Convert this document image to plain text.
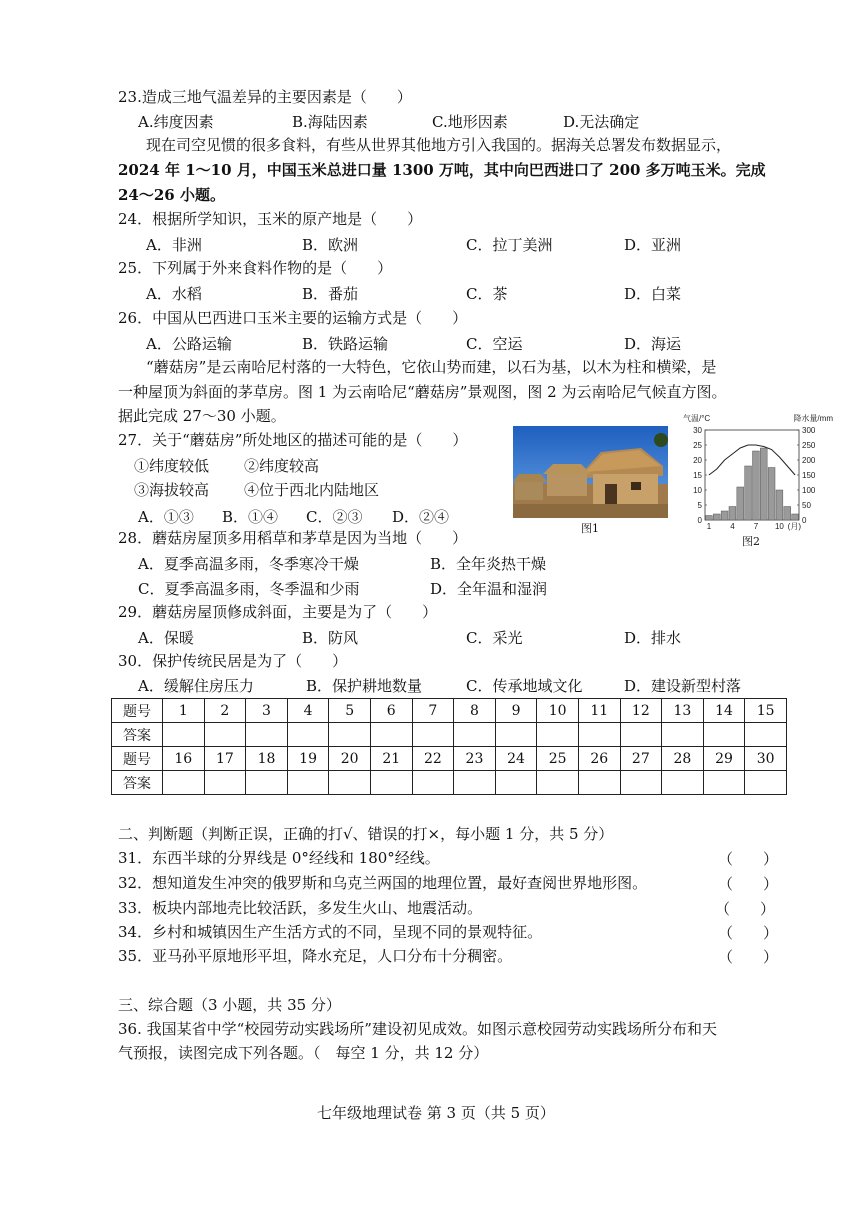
23.造成三地气温差异的主要因素是（　　）
A.纬度因素	B.海陆因素	C.地形因素	D.无法确定
现在司空见惯的很多食料，有些从世界其他地方引入我国的。据海关总署发布数据显示，
2024 年 1～10 月，中国玉米总进口量 1300 万吨，其中向巴西进口了 200 多万吨玉米。完成
24～26 小题。
24．根据所学知识，玉米的原产地是（　　）
A．非洲	B．欧洲	C．拉丁美洲	D．亚洲
25．下列属于外来食料作物的是（　　）
A．水稻	B．番茄	C．茶	D．白菜
26．中国从巴西进口玉米主要的运输方式是（　　）
A．公路运输	B．铁路运输	C．空运	D．海运
“蘑菇房”是云南哈尼村落的一大特色，它依山势而建，以石为基，以木为柱和横梁，是
一种屋顶为斜面的茅草房。图 1 为云南哈尼“蘑菇房”景观图，图 2 为云南哈尼气候直方图。
据此完成 27～30 小题。
27．关于“蘑菇房”所处地区的描述可能的是（　　）
①纬度较低 ②纬度较高
③海拔较高 ④位于西北内陆地区
A．①③ B．①④ C．②③ D．②④
图1
气温/°C	降水量/mm
0
5
10
15
20
25
30
0
50
100
150
200
250
300
1 4 7 10 (月)
图2
28．蘑菇房屋顶多用稻草和茅草是因为当地（　　）
A．夏季高温多雨，冬季寒冷干燥	B．全年炎热干燥
C．夏季高温多雨，冬季温和少雨	D．全年温和湿润
29．蘑菇房屋顶修成斜面，主要是为了（　　）
A．保暖	B．防风	C．采光	D．排水
30．保护传统民居是为了（　　）
A．缓解住房压力	B．保护耕地数量	C．传承地域文化	D．建设新型村落
题号	1	2	3	4	5	6	7	8	9	10	11	12	13	14	15
答案															
题号	16	17	18	19	20	21	22	23	24	25	26	27	28	29	30
答案															
二、判断题（判断正误，正确的打√、错误的打×，每小题 1 分，共 5 分）
31．东西半球的分界线是 0°经线和 180°经线。	（　　）
32．想知道发生冲突的俄罗斯和乌克兰两国的地理位置，最好查阅世界地形图。	（　　）
33．板块内部地壳比较活跃，多发生火山、地震活动。	（　　）
34．乡村和城镇因生产生活方式的不同，呈现不同的景观特征。	（　　）
35．亚马孙平原地形平坦，降水充足，人口分布十分稠密。	（　　）
三、综合题（3 小题，共 35 分）
36. 我国某省中学“校园劳动实践场所”建设初见成效。如图示意校园劳动实践场所分布和天
气预报，读图完成下列各题。（　每空 1 分，共 12 分）
七年级地理试卷 第 3 页（共 5 页）
